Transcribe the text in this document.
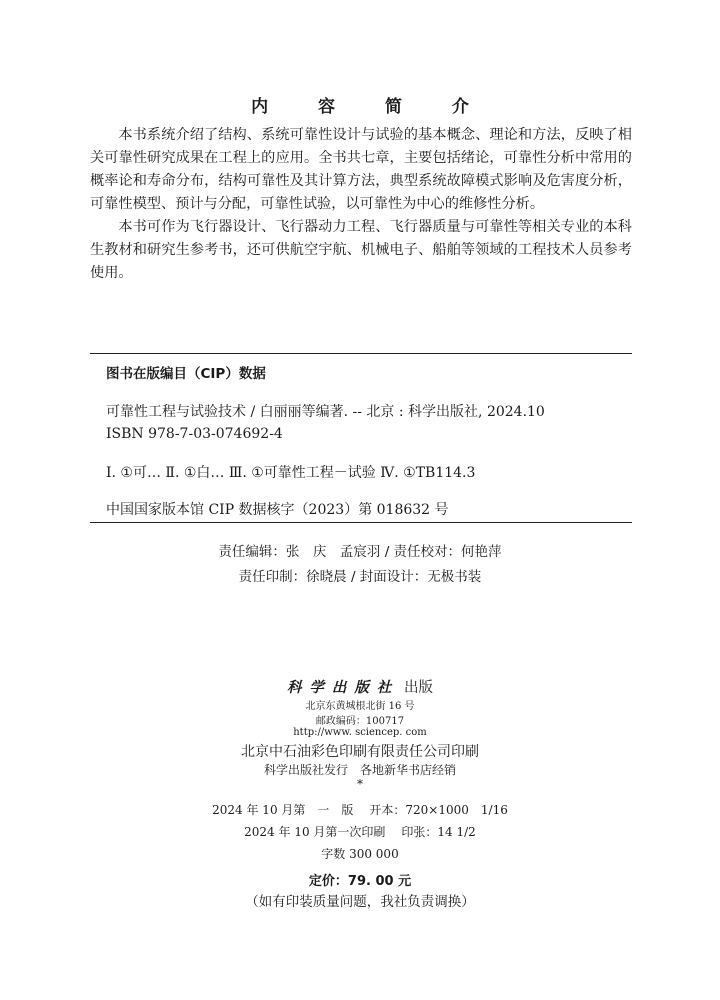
内 容 简 介

本书系统介绍了结构、系统可靠性设计与试验的基本概念、理论和方法，反映了相关可靠性研究成果在工程上的应用。全书共七章，主要包括绪论，可靠性分析中常用的概率论和寿命分布，结构可靠性及其计算方法，典型系统故障模式影响及危害度分析，可靠性模型、预计与分配，可靠性试验，以可靠性为中心的维修性分析。

本书可作为飞行器设计、飞行器动力工程、飞行器质量与可靠性等相关专业的本科生教材和研究生参考书，还可供航空宇航、机械电子、船舶等领域的工程技术人员参考使用。

图书在版编目（CIP）数据
可靠性工程与试验技术 / 白丽丽等编著. -- 北京 : 科学出版社, 2024.10
ISBN 978-7-03-074692-4
Ⅰ. ①可… Ⅱ. ①白… Ⅲ. ①可靠性工程－试验 Ⅳ. ①TB114.3
中国国家版本馆 CIP 数据核字（2023）第 018632 号
责任编辑：张　庆　孟宸羽 / 责任校对：何艳萍
责任印制：徐晓晨 / 封面设计：无极书装
科学出版社 出版
北京东黄城根北街 16 号
邮政编码：100717
http://www. sciencep. com
北京中石油彩色印刷有限责任公司印刷
科学出版社发行　各地新华书店经销
*
2024 年 10 月第　一　版 开本：720×1000　1/16
2024 年 10 月第一次印刷 印张：14 1/2
字数 300 000
定价：79. 00 元
（如有印装质量问题，我社负责调换）
